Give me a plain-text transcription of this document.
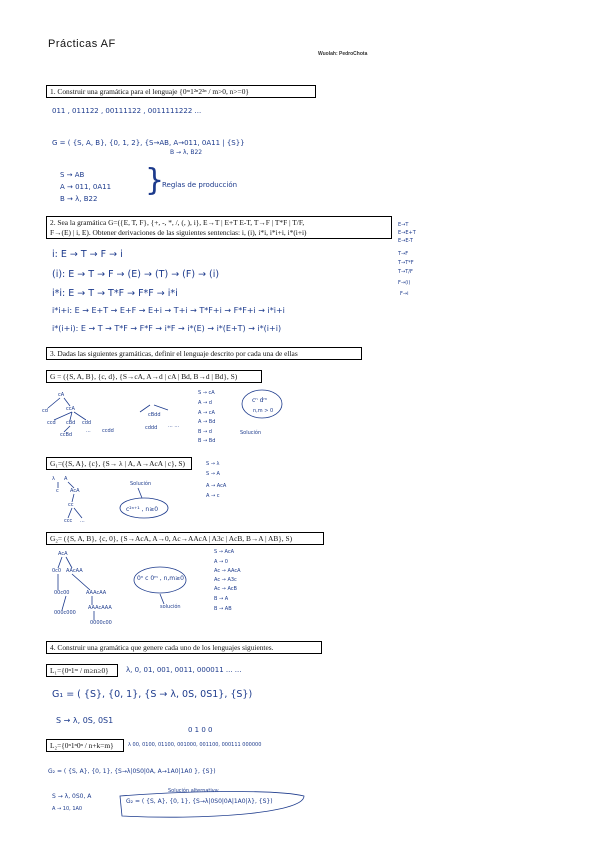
Prácticas AF
Wuolah: PedroChota
1. Construir una gramática para el lenguaje {0ᵐ1²ⁿ2²ⁿ / m>0, n>=0}
011 , 011122 , 00111122 , 0011111222 ...
G = ( {S, A, B}, {0, 1, 2}, {S→AB, A→011, 0A11 | {S}}
B → λ, B22
S → AB
A → 011, 0A11
B → λ, B22
}
Reglas de producción
2. Sea la gramática G=({E, T, F}, {+, -, *, /, (, ), i}, E→T | E+T E-T, T→F | T*F | T/F,
F→(E) | i, E). Obtener derivaciones de las siguientes sentencias: i, (i), i*i, i*i+i, i*(i+i)
E→T
E→E+T
E→E-T
T→F
T→T*F
T→T/F
F→(i)
F→i
i: E → T → F → i
(i): E → T → F → (E) → (T) → (F) → (i)
i*i: E → T → T*F → F*F → i*i
i*i+i: E → E+T → E+F → E+i → T+i → T*F+i → F*F+i → i*i+i
i*(i+i): E → T → T*F → F*F → i*F → i*(E) → i*(E+T) → i*(i+i)
3. Dadas las siguientes gramáticas, definir el lenguaje descrito por cada una de ellas
G = ({S, A, B}, {c, d}, {S→cA, A→d | cA | Bd, B→d | Bd}, S)
cA
cd	ccA
ccd cBd cdd
ccBd
ccdd
...
cBdd
cddd ... ...
S → cA
A → d
A → cA
A → Bd
B → d
B → Bd
cⁿ dᵐ
n,m > 0
Solución
G₁=({S, A}, {c}, {S→ λ | A, A→AcA | c}, S)
λ A
c AcA
cc
...
ccc
Solución
c²ⁿ⁺¹ , n≥0
S → λ
S → A
A → AcA
A → c
G₂= ({S, A, B}, {c, 0}, {S→AcA, A→0, Ac→AAcA | A3c | AcB, B→A | AB}, S)
AcA
0c0 AAcAA
00c00	AAAcAA
000c000
AAAcAAA
0000c00
0ⁿ c 0ᵐ , n,m≥0
solución
S → AcA
A → 0
Ac → AAcA
Ac → A3c
Ac → AcB
B → A
B → AB
4. Construir una gramática que genere cada uno de los lenguajes siguientes.
L₁={0ⁿ1ᵐ / m≥n≥0}	λ, 0, 01, 001, 0011, 000011 ... ...
G₁ = ( {S}, {0, 1}, {S → λ, 0S, 0S1}, {S})
S → λ, 0S, 0S1
0 1 0 0
L₂={0ⁿ1ⁿ0ⁿ / n+k=m}	λ 00, 0100, 01100, 001000, 001100, 000111 000000
G₂ = ( {S, A}, {0, 1}, {S→λ|0S0|0A, A→1A0|1A0 }, {S})
S → λ, 0S0, A
A → 10, 1A0
Solución alternativa:
G₂ = ( {S, A}, {0, 1}, {S→λ|0S0|0A|1A0|λ}, {S})
